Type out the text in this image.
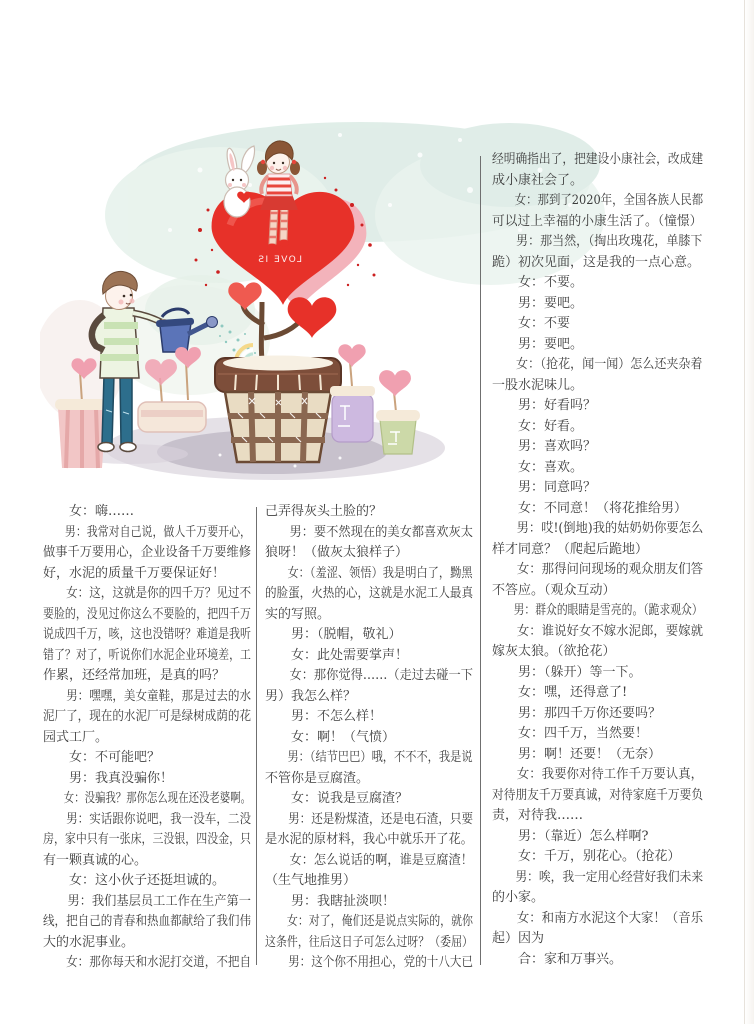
LOVE IS
女：嗨……
男：我常对自己说，做人千万要开心，
做事千万要用心，企业设备千万要维修
好，水泥的质量千万要保证好！
女：这，这就是你的四千万？见过不
要脸的，没见过你这么不要脸的，把四千万
说成四千万，咳，这也没错呀？难道是我听
错了？对了，听说你们水泥企业环境差，工
作累，还经常加班，是真的吗？
男：嘿嘿，美女童鞋，那是过去的水
泥厂了，现在的水泥厂可是绿树成荫的花
园式工厂。
女：不可能吧？
男：我真没骗你！
女：没骗我？那你怎么现在还没老婆啊。
男：实话跟你说吧，我一没车，二没
房，家中只有一张床，三没银，四没金，只
有一颗真诚的心。
女：这小伙子还挺坦诚的。
男：我们基层员工工作在生产第一
线，把自己的青春和热血都献给了我们伟
大的水泥事业。
女：那你每天和水泥打交道，不把自
己弄得灰头土脸的？
男：要不然现在的美女都喜欢灰太
狼呀！（做灰太狼样子）
女：（羞涩、领悟）我是明白了，黝黑
的脸蛋，火热的心，这就是水泥工人最真
实的写照。
男：（脱帽，敬礼）
女：此处需要掌声！
女：那你觉得……（走过去碰一下
男）我怎么样？
男：不怎么样！
女：啊！（气愤）
男：（结节巴巴）哦，不不不，我是说
不管你是豆腐渣。
女：说我是豆腐渣？
男：还是粉煤渣，还是电石渣，只要
是水泥的原材料，我心中就乐开了花。
女：怎么说话的啊，谁是豆腐渣！
（生气地推男）
男：我瞎扯淡呗！
女：对了，俺们还是说点实际的，就你
这条件，往后这日子可怎么过呀？（委屈）
男：这个你不用担心，党的十八大已
经明确指出了，把建设小康社会，改成建
成小康社会了。
女：那到了2020年，全国各族人民都
可以过上幸福的小康生活了。（憧憬）
男：那当然，（掏出玫瑰花，单膝下
跪）初次见面，这是我的一点心意。
女：不要。
男：要吧。
女：不要
男：要吧。
女：（抢花，闻一闻）怎么还夹杂着
一股水泥味儿。
男：好看吗？
女：好看。
男：喜欢吗？
女：喜欢。
男：同意吗？
女：不同意！（将花推给男）
男：哎!(倒地)我的姑奶奶你要怎么
样才同意？（爬起后跪地）
女：那得问问现场的观众朋友们答
不答应。（观众互动）
男：群众的眼睛是雪亮的。（跪求观众）
女：谁说好女不嫁水泥郎，要嫁就
嫁灰太狼。（欲抢花）
男：（躲开）等一下。
女：嘿，还得意了!
男：那四千万你还要吗？
女：四千万，当然要！
男：啊！还要！（无奈）
女：我要你对待工作千万要认真，
对待朋友千万要真诚，对待家庭千万要负
责，对待我……
男：（靠近）怎么样啊?
女：千万，别花心。（抢花）
男：唉，我一定用心经营好我们未来
的小家。
女：和南方水泥这个大家！（音乐
起）因为
合：家和万事兴。
